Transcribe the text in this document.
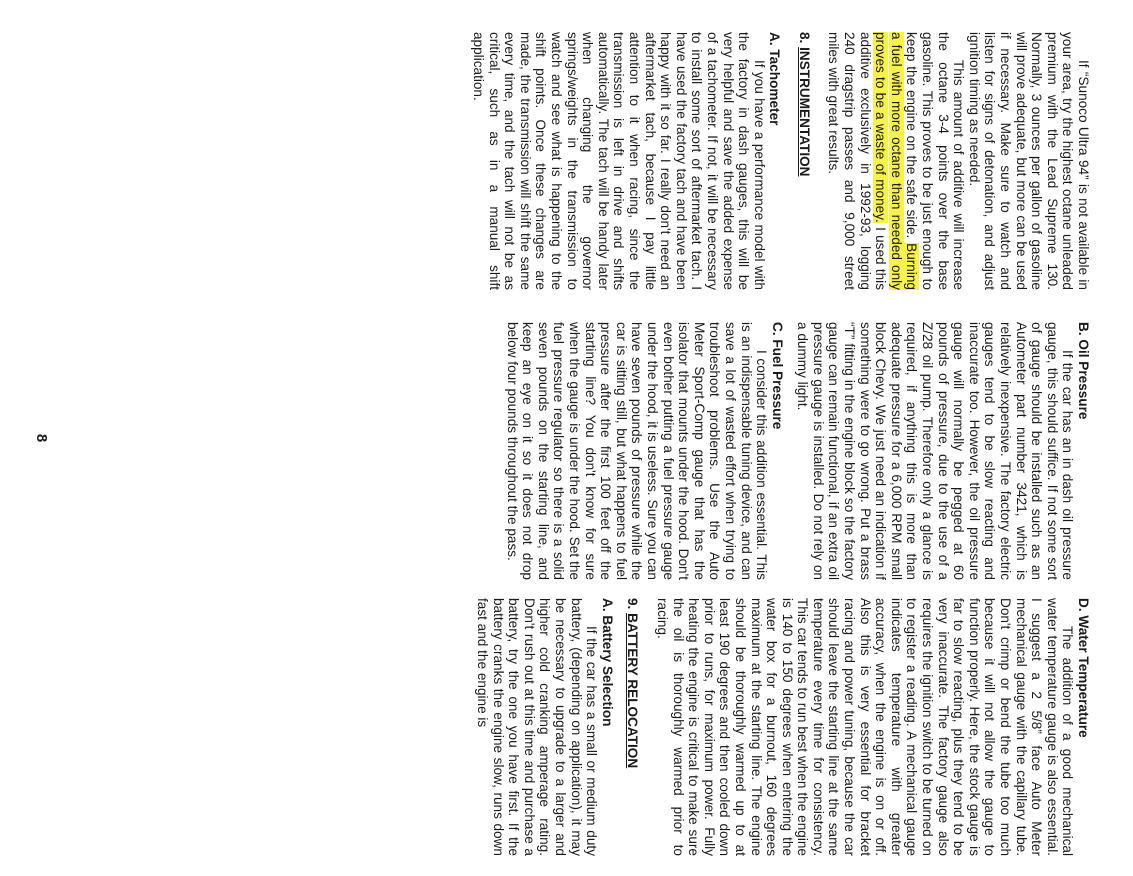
If “Sunoco Ultra 94” is not available in your area, try the highest octane unleaded premium with the Lead Supreme 130. Normally, 3 ounces per gallon of gasoline will prove adequate, but more can be used if necessary. Make sure to watch and listen for signs of detonation, and adjust ignition timing as needed.

This amount of additive will increase the octane 3-4 points over the base gasoline. This proves to be just enough to keep the engine on the safe side. Burning a fuel with more octane than needed only proves to be a waste of money. I used this additive exclusively in 1992-93, logging 240 dragstrip passes and 9,000 street miles with great results.

8. INSTRUMENTATION
A. Tachometer

If you have a performance model with the factory in dash gauges, this will be very helpful and save the added expense of a tachometer. If not, it will be necessary to install some sort of aftermarket tach. I have used the factory tach and have been happy with it so far. I really don't need an aftermarket tach, because I pay little attention to it when racing, since the transmission is left in drive and shifts automatically. The tach will be handy later when changing the governor springs/weights in the transmission to watch and see what is happening to the shift points. Once these changes are made, the transmission will shift the same every time, and the tach will not be as critical, such as in a manual shift application.

B. Oil Pressure

If the car has an in dash oil pressure gauge, this should suffice. If not some sort of gauge should be installed such as an Autometer part number 3421, which is relatively inexpensive. The factory electric gauges tend to be slow reacting and inaccurate too. However, the oil pressure gauge will normally be pegged at 60 pounds of pressure, due to the use of a Z/28 oil pump. Therefore only a glance is required, if anything this is more than adequate pressure for a 6,000 RPM small block Chevy. We just need an indication if something were to go wrong. Put a brass “T” fitting in the engine block so the factory gauge can remain functional, if an extra oil pressure gauge is installed. Do not rely on a dummy light.

C. Fuel Pressure

I consider this addition essential. This is an indispensable tuning device, and can save a lot of wasted effort when trying to troubleshoot problems. Use the Auto Meter Sport-Comp gauge that has the isolator that mounts under the hood. Don't even bother putting a fuel pressure gauge under the hood, it is useless. Sure you can have seven pounds of pressure while the car is sitting still, but what happens to fuel pressure after the first 100 feet off the starting line? You don't know for sure when the gauge is under the hood. Set the fuel pressure regulator so there is a solid seven pounds on the starting line, and keep an eye on it so it does not drop below four pounds throughout the pass.

D. Water Temperature

The addition of a good mechanical water temperature gauge is also essential. I suggest a 2 5/8” face Auto Meter mechanical gauge with the capillary tube. Don't crimp or bend the tube too much because it will not allow the gauge to function properly. Here, the stock gauge is far to slow reacting, plus they tend to be very inaccurate. The factory gauge also requires the ignition switch to be turned on to register a reading. A mechanical gauge indicates temperature with greater accuracy, when the engine is on or off. Also this is very essential for bracket racing and power tuning, because the car should leave the starting line at the same temperature every time for consistency. This car tends to run best when the engine is 140 to 150 degrees when entering the water box for a burnout, 160 degrees maximum at the starting line. The engine should be thoroughly warmed up to at least 190 degrees and then cooled down prior to runs, for maximum power. Fully heating the engine is critical to make sure the oil is thoroughly warmed prior to racing.

9. BATTERY RELOCATION
A. Battery Selection

If the car has a small or medium duty battery, (depending on application), it may be necessary to upgrade to a larger and higher cold cranking amperage rating. Don't rush out at this time and purchase a battery, try the one you have first. If the battery cranks the engine slow, runs down fast and the engine is

8
